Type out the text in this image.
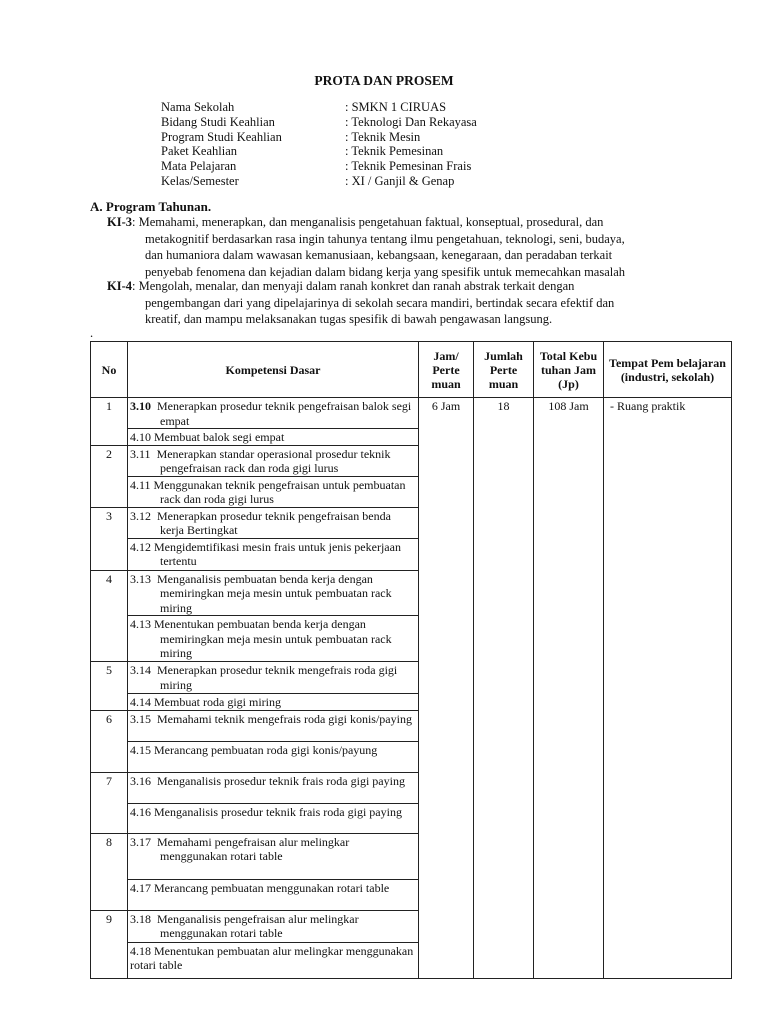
PROTA DAN PROSEM
Nama Sekolah	: SMKN 1 CIRUAS
Bidang Studi Keahlian	: Teknologi Dan Rekayasa
Program Studi Keahlian	: Teknik Mesin
Paket Keahlian	: Teknik Pemesinan
Mata Pelajaran	: Teknik Pemesinan Frais
Kelas/Semester	: XI / Ganjil & Genap
A. Program Tahunan.
KI-3: Memahami, menerapkan, dan menganalisis pengetahuan faktual, konseptual, prosedural, dan
metakognitif berdasarkan rasa ingin tahunya tentang ilmu pengetahuan, teknologi, seni, budaya,
dan humaniora dalam wawasan kemanusiaan, kebangsaan, kenegaraan, dan peradaban terkait
penyebab fenomena dan kejadian dalam bidang kerja yang spesifik untuk memecahkan masalah
KI-4: Mengolah, menalar, dan menyaji dalam ranah konkret dan ranah abstrak terkait dengan
pengembangan dari yang dipelajarinya di sekolah secara mandiri, bertindak secara efektif dan
kreatif, dan mampu melaksanakan tugas spesifik di bawah pengawasan langsung.
.
No	Kompetensi Dasar	Jam/ Perte muan	Jumlah Perte muan	Total Kebu tuhan Jam (Jp)	Tempat Pem belajaran (industri, sekolah)
1	3.10 Menerapkan prosedur teknik pengefraisan balok segi empat	6 Jam	18	108 Jam	- Ruang praktik
	4.10 Membuat balok segi empat				
2	3.11 Menerapkan standar operasional prosedur teknik pengefraisan rack dan roda gigi lurus				

	4.11 Menggunakan teknik pengefraisan untuk pembuatan rack dan roda gigi lurus				

3	3.12 Menerapkan prosedur teknik pengefraisan benda kerja Bertingkat				

	4.12 Mengidemtifikasi mesin frais untuk jenis pekerjaan tertentu				

4	3.13 Menganalisis pembuatan benda kerja dengan memiringkan meja mesin untuk pembuatan rack miring				

	4.13 Menentukan pembuatan benda kerja dengan memiringkan meja mesin untuk pembuatan rack miring				

5	3.14 Menerapkan prosedur teknik mengefrais roda gigi miring				

	4.14 Membuat roda gigi miring				
6	3.15 Memahami teknik mengefrais roda gigi konis/paying				

	4.15 Merancang pembuatan roda gigi konis/payung				

7	3.16 Menganalisis prosedur teknik frais roda gigi paying				

	4.16 Menganalisis prosedur teknik frais roda gigi paying				

8	3.17 Memahami pengefraisan alur melingkar menggunakan rotari table				

	4.17 Merancang pembuatan menggunakan rotari table				

9	3.18 Menganalisis pengefraisan alur melingkar menggunakan rotari table				

	4.18 Menentukan pembuatan alur melingkar menggunakan rotari table				
